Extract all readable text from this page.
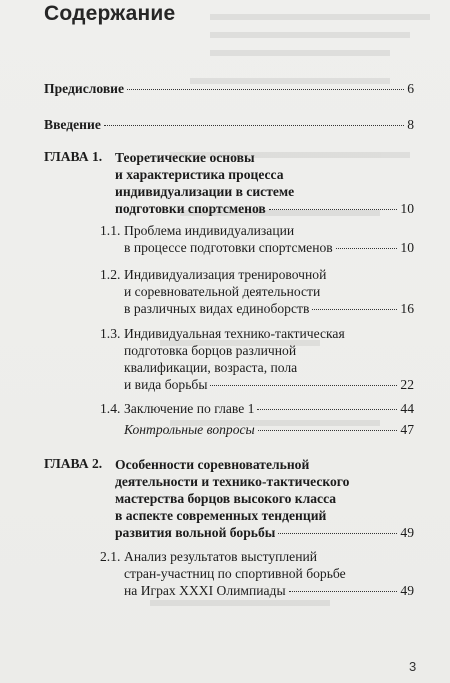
Содержание
Предисловие	6
Введение	8
ГЛАВА 1. Теоретические основы
и характеристика процесса
индивидуализации в системе
подготовки спортсменов	10
1.1. Проблема индивидуализации
в процессе подготовки спортсменов	10
1.2. Индивидуализация тренировочной
и соревновательной деятельности
в различных видах единоборств	16
1.3. Индивидуальная технико-тактическая
подготовка борцов различной
квалификации, возраста, пола
и вида борьбы	22
1.4. Заключение по главе 1	44
Контрольные вопросы	47
ГЛАВА 2. Особенности соревновательной
деятельности и технико-тактического
мастерства борцов высокого класса
в аспекте современных тенденций
развития вольной борьбы	49
2.1. Анализ результатов выступлений
стран-участниц по спортивной борьбе
на Играх XXXI Олимпиады	49
3
